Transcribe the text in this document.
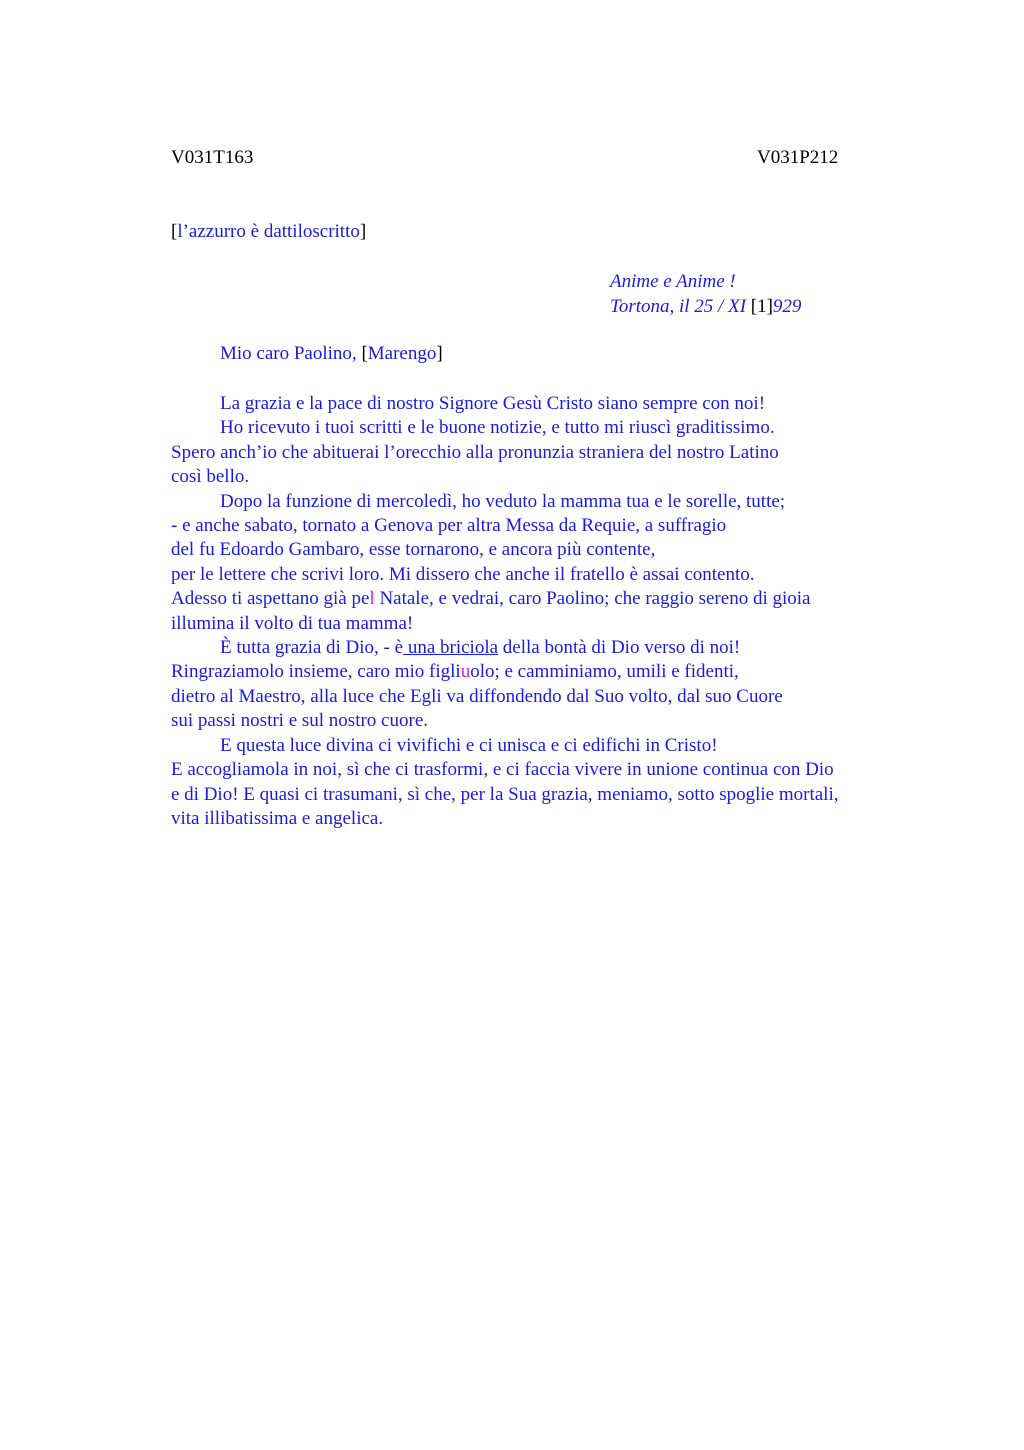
V031T163	V031P212
[l’azzurro è dattiloscritto]
Anime e Anime !
Tortona, il 25 / XI [1]929
Mio caro Paolino, [Marengo]
La grazia e la pace di nostro Signore Gesù Cristo siano sempre con noi!
Ho ricevuto i tuoi scritti e le buone notizie, e tutto mi riuscì graditissimo.
Spero anch’io che abituerai l’orecchio alla pronunzia straniera del nostro Latino
così bello.
Dopo la funzione di mercoledì, ho veduto la mamma tua e le sorelle, tutte;
- e anche sabato, tornato a Genova per altra Messa da Requie, a suffragio
del fu Edoardo Gambaro, esse tornarono, e ancora più contente,
per le lettere che scrivi loro. Mi dissero che anche il fratello è assai contento.
Adesso ti aspettano già pel Natale, e vedrai, caro Paolino; che raggio sereno di gioia
illumina il volto di tua mamma!
È tutta grazia di Dio, - è una briciola della bontà di Dio verso di noi!
Ringraziamolo insieme, caro mio figliuolo; e camminiamo, umili e fidenti,
dietro al Maestro, alla luce che Egli va diffondendo dal Suo volto, dal suo Cuore
sui passi nostri e sul nostro cuore.
E questa luce divina ci vivifichi e ci unisca e ci edifichi in Cristo!
E accogliamola in noi, sì che ci trasformi, e ci faccia vivere in unione continua con Dio
e di Dio! E quasi ci trasumani, sì che, per la Sua grazia, meniamo, sotto spoglie mortali,
vita illibatissima e angelica.
